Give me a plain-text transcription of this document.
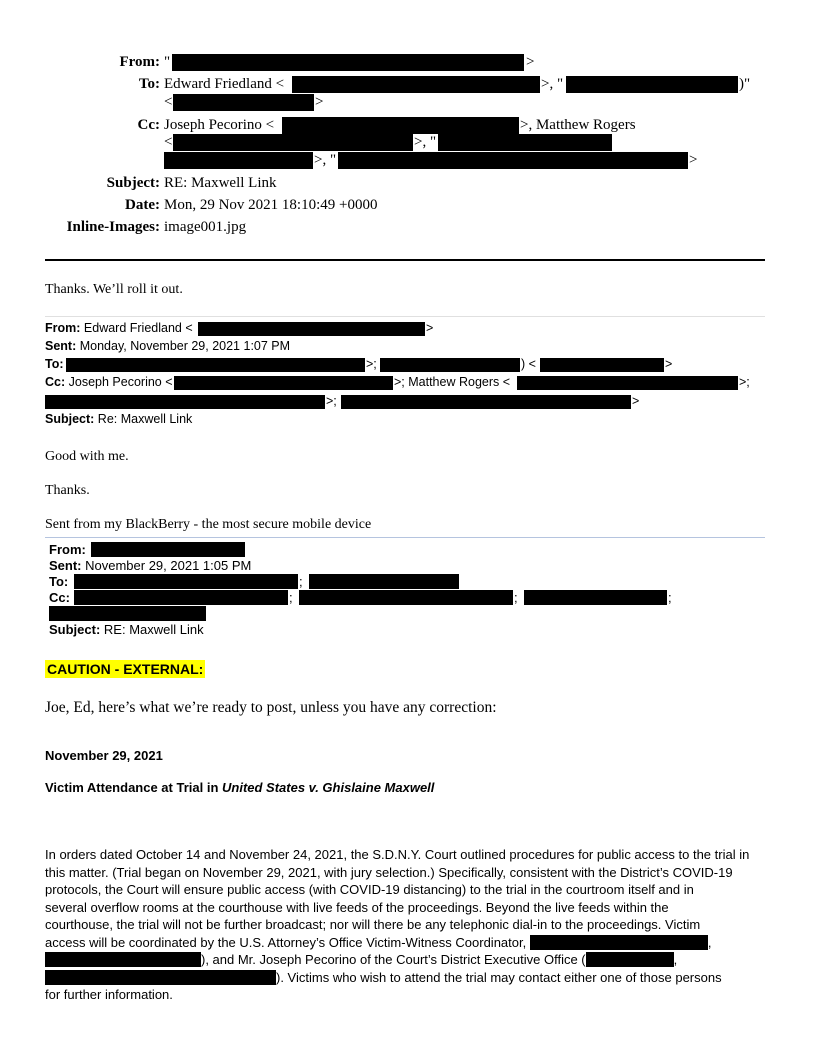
From: "	>
To: Edward Friedland <	>, "	)"
<	>
Cc: Joseph Pecorino <	>, Matthew Rogers
<	>, "
>, "	>
Subject: RE: Maxwell Link
Date: Mon, 29 Nov 2021 18:10:49 +0000
Inline-Images: image001.jpg
Thanks. We’ll roll it out.
From: Edward Friedland <	>
Sent: Monday, November 29, 2021 1:07 PM
To:	>;	) <	>
Cc: Joseph Pecorino <	>; Matthew Rogers <	>;
>;	>
Subject: Re: Maxwell Link
Good with me.
Thanks.
Sent from my BlackBerry - the most secure mobile device
From:
Sent: November 29, 2021 1:05 PM
To:	;
Cc:	;	;	;
Subject: RE: Maxwell Link
CAUTION - EXTERNAL:
Joe, Ed, here’s what we’re ready to post, unless you have any correction:
November 29, 2021
Victim Attendance at Trial in United States v. Ghislaine Maxwell
In orders dated October 14 and November 24, 2021, the S.D.N.Y. Court outlined procedures for public access to the trial in
this matter. (Trial began on November 29, 2021, with jury selection.) Specifically, consistent with the District’s COVID-19
protocols, the Court will ensure public access (with COVID-19 distancing) to the trial in the courtroom itself and in
several overflow rooms at the courthouse with live feeds of the proceedings. Beyond the live feeds within the
courthouse, the trial will not be further broadcast; nor will there be any telephonic dial-in to the proceedings. Victim
access will be coordinated by the U.S. Attorney’s Office Victim-Witness Coordinator,	,
), and Mr. Joseph Pecorino of the Court’s District Executive Office (	,
). Victims who wish to attend the trial may contact either one of those persons
for further information.
